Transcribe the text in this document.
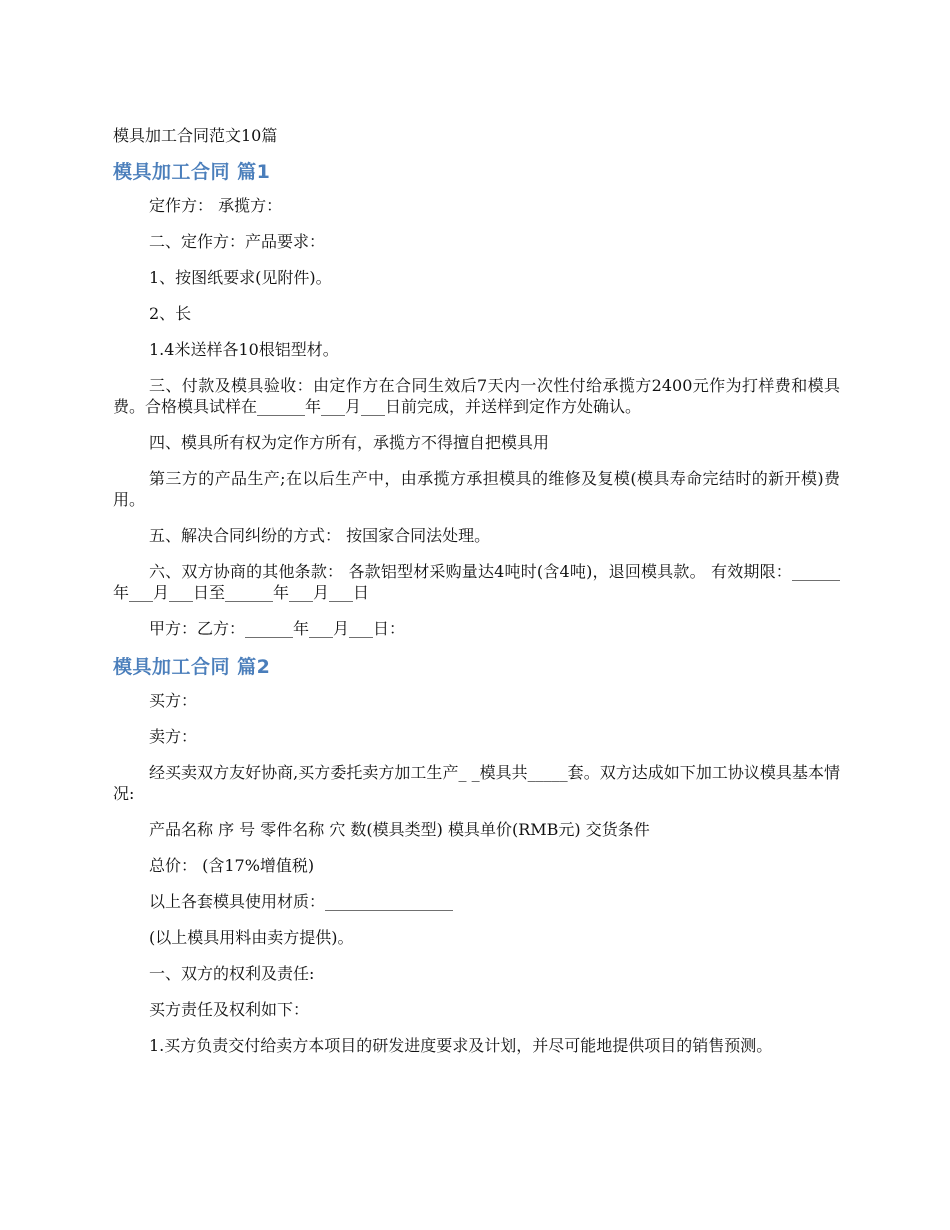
模具加工合同范文10篇
模具加工合同 篇1
定作方： 承揽方：
二、定作方：产品要求：
1、按图纸要求(见附件)。
2、长
1.4米送样各10根铝型材。
三、付款及模具验收：由定作方在合同生效后7天内一次性付给承揽方2400元作为打样费和模具费。合格模具试样在______年___月___日前完成，并送样到定作方处确认。
四、模具所有权为定作方所有，承揽方不得擅自把模具用
第三方的产品生产;在以后生产中，由承揽方承担模具的维修及复模(模具寿命完结时的新开模)费用。
五、解决合同纠纷的方式： 按国家合同法处理。
六、双方协商的其他条款： 各款铝型材采购量达4吨时(含4吨)，退回模具款。 有效期限：______年___月___日至______年___月___日
甲方：乙方：______年___月___日：
模具加工合同 篇2
买方：
卖方：
经买卖双方友好协商,买方委托卖方加工生产_ _模具共_____套。双方达成如下加工协议模具基本情况:
产品名称 序 号 零件名称 穴 数(模具类型) 模具单价(RMB元) 交货条件
总价： (含17%增值税)
以上各套模具使用材质：________________
(以上模具用料由卖方提供)。
一、双方的权利及责任:
买方责任及权利如下：
1.买方负责交付给卖方本项目的研发进度要求及计划，并尽可能地提供项目的销售预测。
